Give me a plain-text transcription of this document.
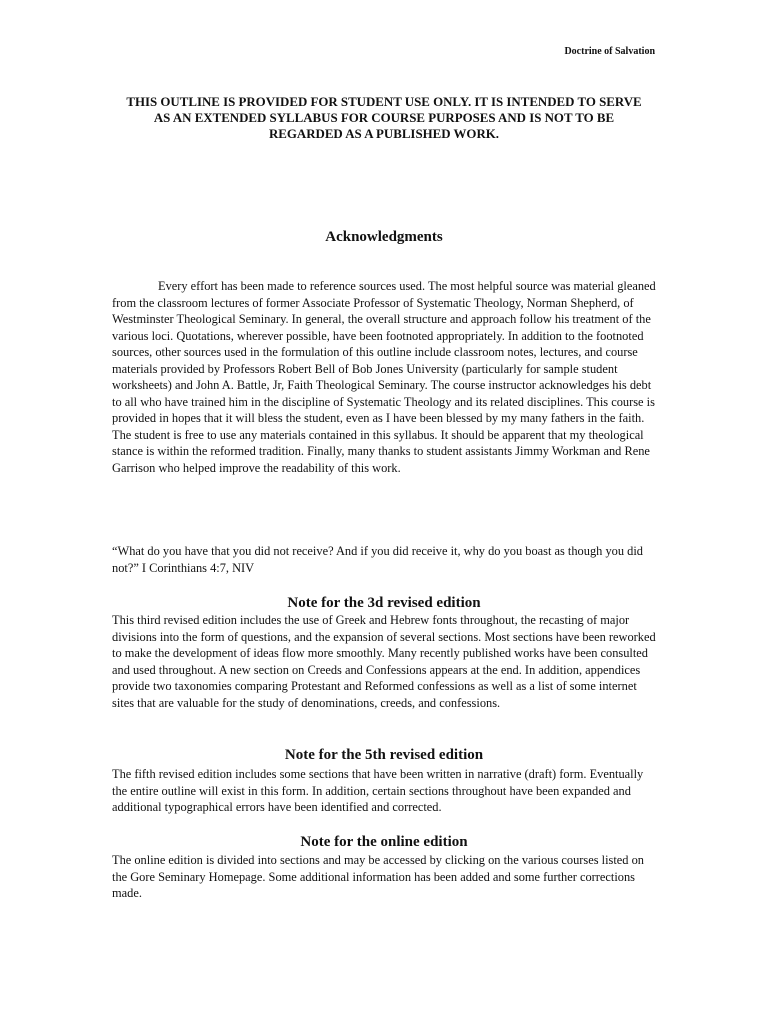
Doctrine of Salvation
THIS OUTLINE IS PROVIDED FOR STUDENT USE ONLY. IT IS INTENDED TO SERVE AS AN EXTENDED SYLLABUS FOR COURSE PURPOSES AND IS NOT TO BE REGARDED AS A PUBLISHED WORK.
Acknowledgments
Every effort has been made to reference sources used. The most helpful source was material gleaned from the classroom lectures of former Associate Professor of Systematic Theology, Norman Shepherd, of Westminster Theological Seminary. In general, the overall structure and approach follow his treatment of the various loci. Quotations, wherever possible, have been footnoted appropriately. In addition to the footnoted sources, other sources used in the formulation of this outline include classroom notes, lectures, and course materials provided by Professors Robert Bell of Bob Jones University (particularly for sample student worksheets) and John A. Battle, Jr, Faith Theological Seminary. The course instructor acknowledges his debt to all who have trained him in the discipline of Systematic Theology and its related disciplines. This course is provided in hopes that it will bless the student, even as I have been blessed by my many fathers in the faith. The student is free to use any materials contained in this syllabus. It should be apparent that my theological stance is within the reformed tradition. Finally, many thanks to student assistants Jimmy Workman and Rene Garrison who helped improve the readability of this work.
“What do you have that you did not receive? And if you did receive it, why do you boast as though you did not?” I Corinthians 4:7, NIV
Note for the 3d revised edition
This third revised edition includes the use of Greek and Hebrew fonts throughout, the recasting of major divisions into the form of questions, and the expansion of several sections. Most sections have been reworked to make the development of ideas flow more smoothly. Many recently published works have been consulted and used throughout. A new section on Creeds and Confessions appears at the end. In addition, appendices provide two taxonomies comparing Protestant and Reformed confessions as well as a list of some internet sites that are valuable for the study of denominations, creeds, and confessions.
Note for the 5th revised edition
The fifth revised edition includes some sections that have been written in narrative (draft) form. Eventually the entire outline will exist in this form. In addition, certain sections throughout have been expanded and additional typographical errors have been identified and corrected.
Note for the online edition
The online edition is divided into sections and may be accessed by clicking on the various courses listed on the Gore Seminary Homepage. Some additional information has been added and some further corrections made.
